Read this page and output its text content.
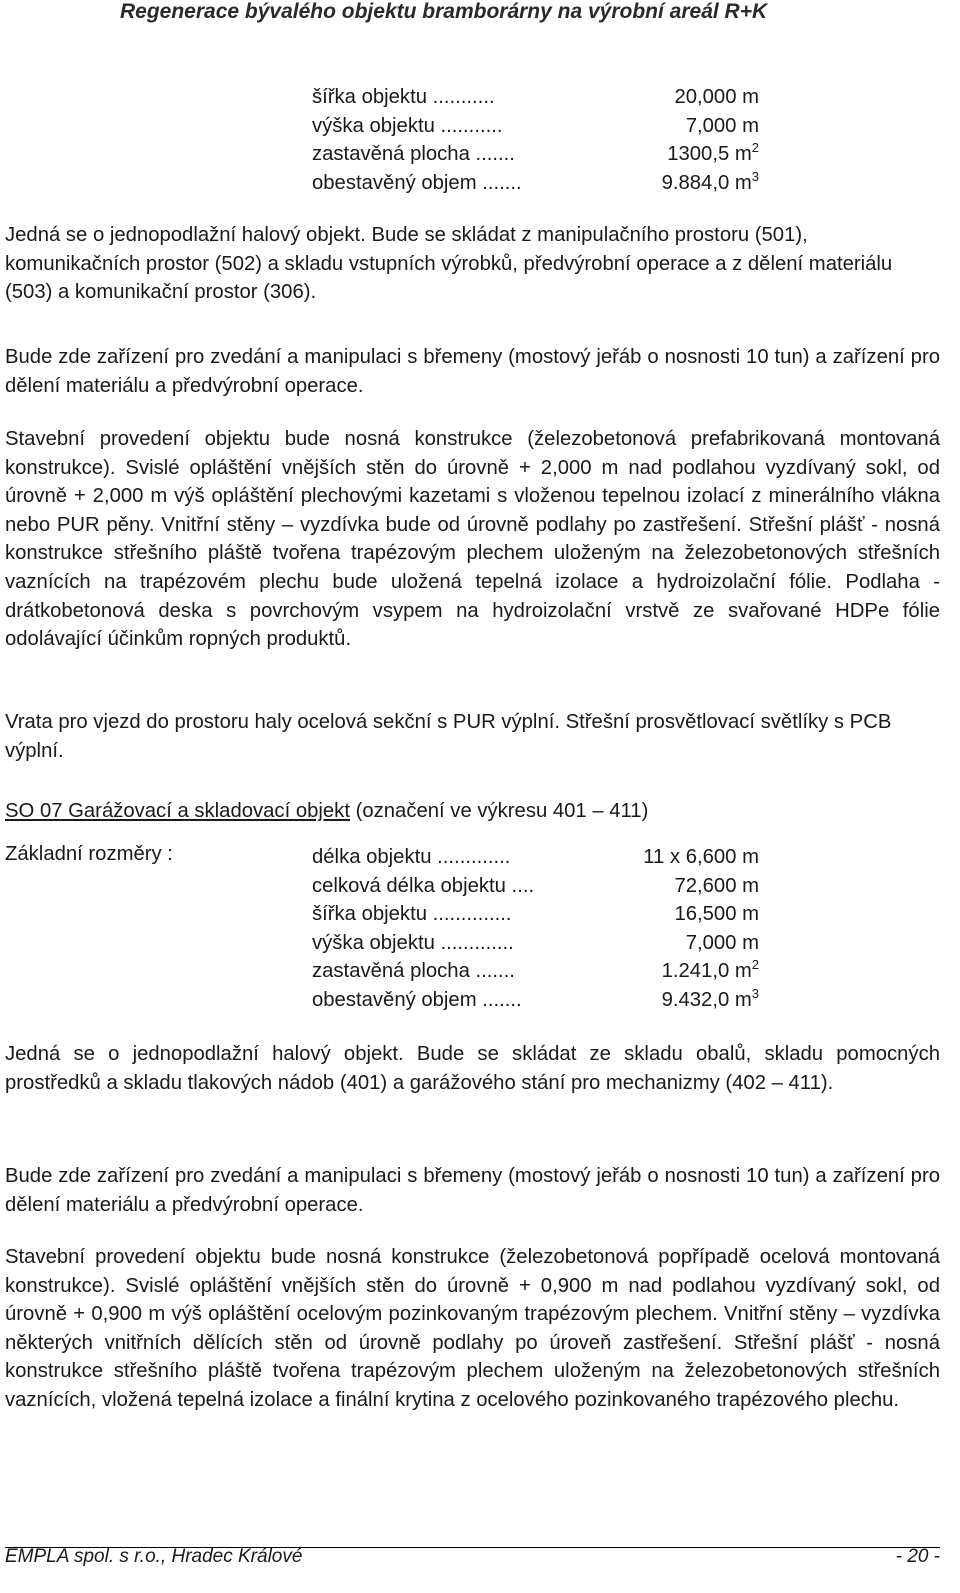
Regenerace bývalého objektu bramborárny na výrobní areál R+K
šířka objektu ...........	20,000 m
výška objektu ...........	7,000 m
zastavěná plocha .......	1300,5 $m^2$
obestavěný objem .......	9.884,0 $m^3$

Jedná se o jednopodlažní halový objekt. Bude se skládat z manipulačního prostoru (501), komunikačních prostor (502) a skladu vstupních výrobků, předvýrobní operace a z dělení materiálu (503) a komunikační prostor (306).

Bude zde zařízení pro zvedání a manipulaci s břemeny (mostový jeřáb o nosnosti 10 tun) a zařízení pro dělení materiálu a předvýrobní operace.

Stavební provedení objektu bude nosná konstrukce (železobetonová prefabrikovaná montovaná konstrukce). Svislé opláštění vnějších stěn do úrovně + 2,000 m nad podlahou vyzdívaný sokl, od úrovně + 2,000 m výš opláštění plechovými kazetami s vloženou tepelnou izolací z minerálního vlákna nebo PUR pěny. Vnitřní stěny – vyzdívka bude od úrovně podlahy po zastřešení. Střešní plášť - nosná konstrukce střešního pláště tvořena trapézovým plechem uloženým na železobetonových střešních vaznících na trapézovém plechu bude uložená tepelná izolace a hydroizolační fólie. Podlaha - drátkobetonová deska s povrchovým vsypem na hydroizolační vrstvě ze svařované HDPe fólie odolávající účinkům ropných produktů.

Vrata pro vjezd do prostoru haly ocelová sekční s PUR výplní. Střešní prosvětlovací světlíky s PCB výplní.

SO 07 Garážovací a skladovací objekt (označení ve výkresu 401 – 411)
Základní rozměry :	délka objektu .............	11 x 6,600 m
celková délka objektu ....	72,600 m
šířka objektu ..............	16,500 m
výška objektu .............	7,000 m
zastavěná plocha .......	1.241,0 $m^2$
obestavěný objem .......	9.432,0 $m^3$

Jedná se o jednopodlažní halový objekt. Bude se skládat ze skladu obalů, skladu pomocných prostředků a skladu tlakových nádob (401) a garážového stání pro mechanizmy (402 – 411).

Bude zde zařízení pro zvedání a manipulaci s břemeny (mostový jeřáb o nosnosti 10 tun) a zařízení pro dělení materiálu a předvýrobní operace.

Stavební provedení objektu bude nosná konstrukce (železobetonová popřípadě ocelová montovaná konstrukce). Svislé opláštění vnějších stěn do úrovně + 0,900 m nad podlahou vyzdívaný sokl, od úrovně + 0,900 m výš opláštění ocelovým pozinkovaným trapézovým plechem. Vnitřní stěny – vyzdívka některých vnitřních dělících stěn od úrovně podlahy po úroveň zastřešení. Střešní plášť - nosná konstrukce střešního pláště tvořena trapézovým plechem uloženým na železobetonových střešních vaznících, vložená tepelná izolace a finální krytina z ocelového pozinkovaného trapézového plechu.

EMPLA spol. s r.o., Hradec Králové	- 20 -
